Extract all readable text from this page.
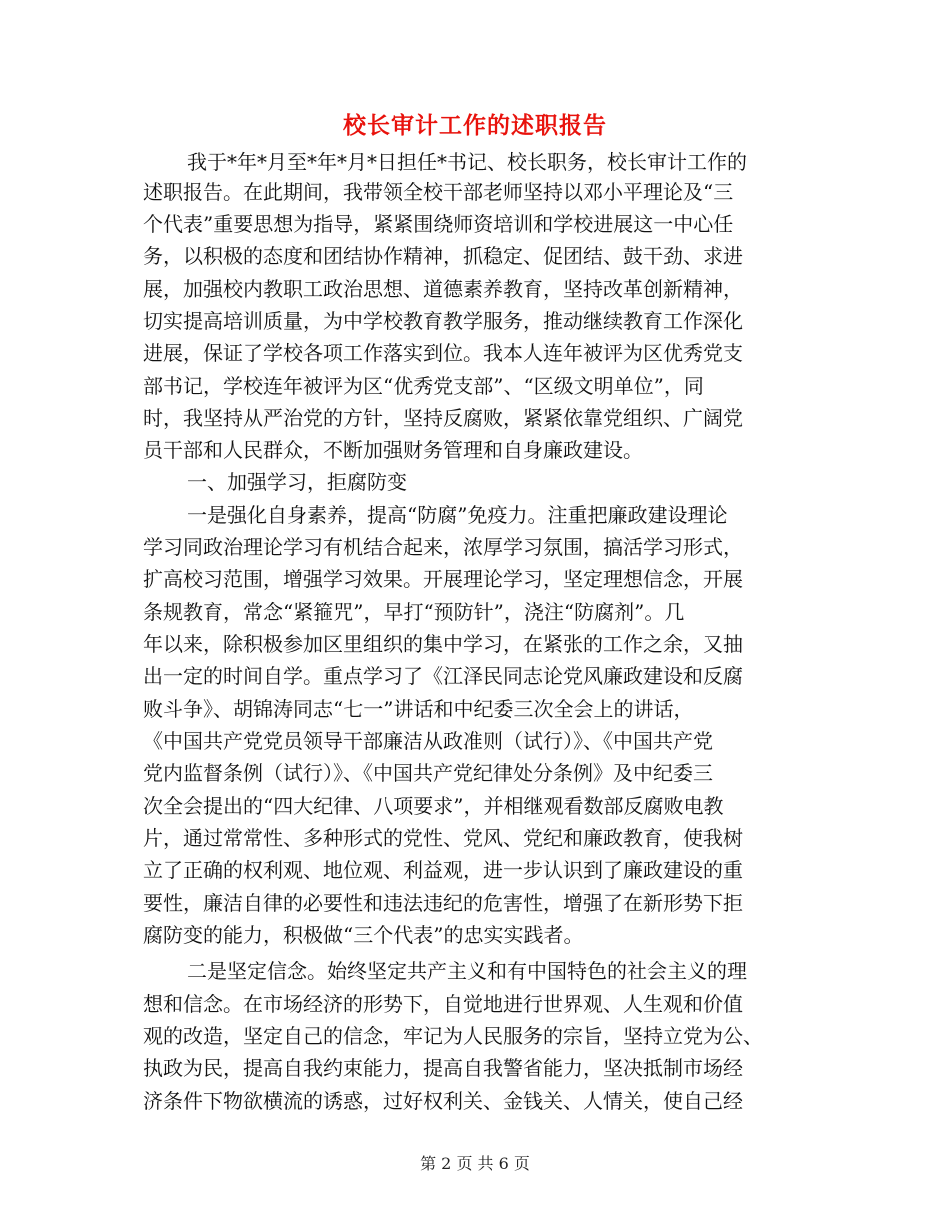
校长审计工作的述职报告

我于*年*月至*年*月*日担任*书记、校长职务，校长审计工作的

述职报告。在此期间，我带领全校干部老师坚持以邓小平理论及“三

个代表”重要思想为指导，紧紧围绕师资培训和学校进展这一中心任

务，以积极的态度和团结协作精神，抓稳定、促团结、鼓干劲、求进

展，加强校内教职工政治思想、道德素养教育，坚持改革创新精神，

切实提高培训质量，为中学校教育教学服务，推动继续教育工作深化

进展，保证了学校各项工作落实到位。我本人连年被评为区优秀党支

部书记，学校连年被评为区“优秀党支部”、“区级文明单位”，同

时，我坚持从严治党的方针，坚持反腐败，紧紧依靠党组织、广阔党

员干部和人民群众，不断加强财务管理和自身廉政建设。

一、加强学习，拒腐防变

一是强化自身素养，提高“防腐”免疫力。注重把廉政建设理论

学习同政治理论学习有机结合起来，浓厚学习氛围，搞活学习形式，

扩高校习范围，增强学习效果。开展理论学习，坚定理想信念，开展

条规教育，常念“紧箍咒”，早打“预防针”，浇注“防腐剂”。几

年以来，除积极参加区里组织的集中学习，在紧张的工作之余，又抽

出一定的时间自学。重点学习了《江泽民同志论党风廉政建设和反腐

败斗争》、胡锦涛同志“七一”讲话和中纪委三次全会上的讲话，

《中国共产党党员领导干部廉洁从政准则（试行）》、《中国共产党

党内监督条例（试行）》、《中国共产党纪律处分条例》及中纪委三

次全会提出的“四大纪律、八项要求”，并相继观看数部反腐败电教

片，通过常常性、多种形式的党性、党风、党纪和廉政教育，使我树

立了正确的权利观、地位观、利益观，进一步认识到了廉政建设的重

要性，廉洁自律的必要性和违法违纪的危害性，增强了在新形势下拒

腐防变的能力，积极做“三个代表”的忠实实践者。

二是坚定信念。始终坚定共产主义和有中国特色的社会主义的理

想和信念。在市场经济的形势下，自觉地进行世界观、人生观和价值

观的改造，坚定自己的信念，牢记为人民服务的宗旨，坚持立党为公、

执政为民，提高自我约束能力，提高自我警省能力，坚决抵制市场经

济条件下物欲横流的诱惑，过好权利关、金钱关、人情关，使自己经

第 2 页 共 6 页
